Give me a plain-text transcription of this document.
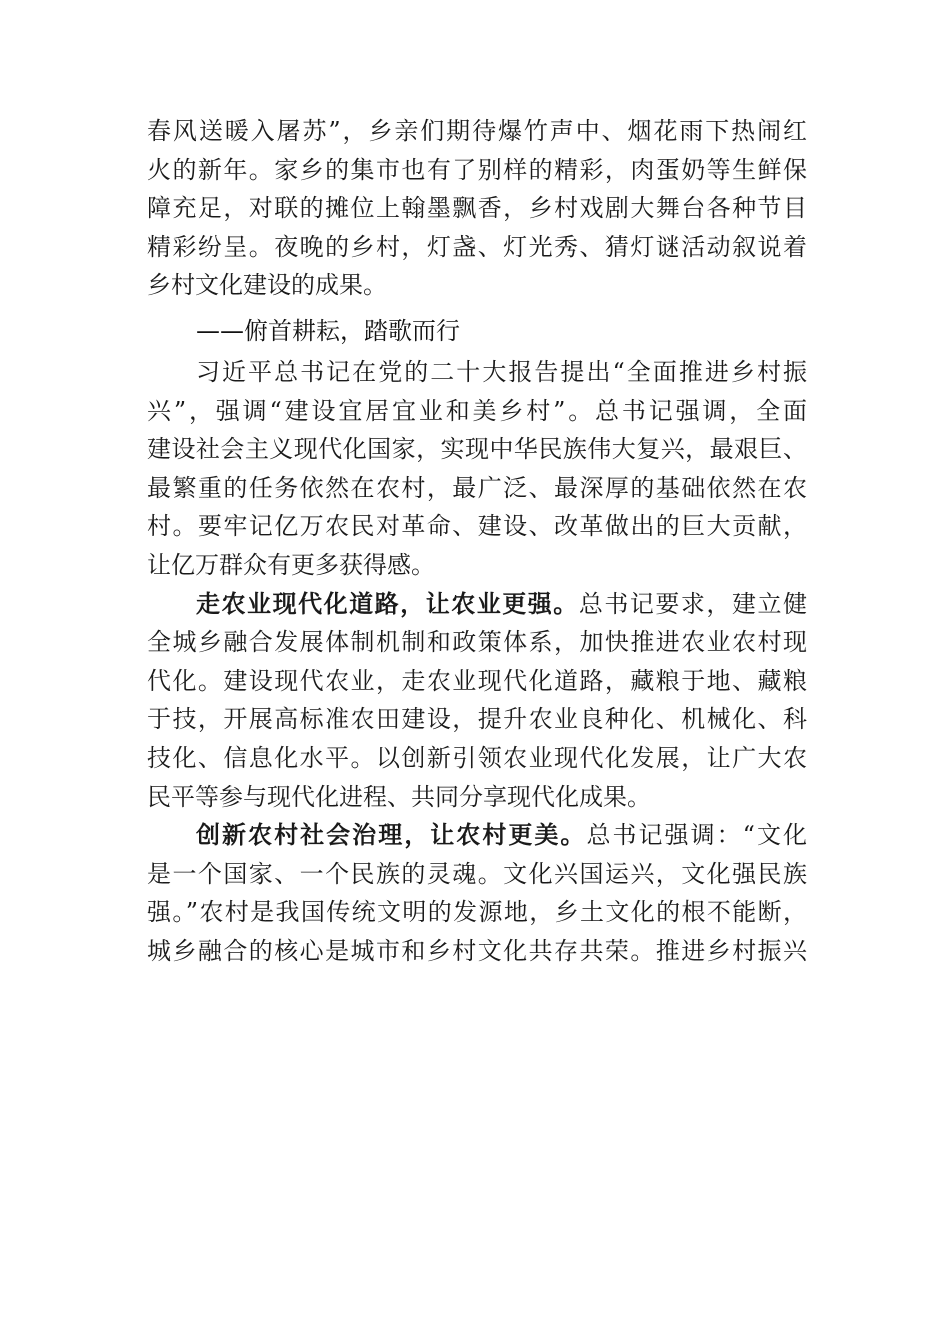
春风送暖入屠苏”，乡亲们期待爆竹声中、烟花雨下热闹红
火的新年。家乡的集市也有了别样的精彩，肉蛋奶等生鲜保
障充足，对联的摊位上翰墨飘香，乡村戏剧大舞台各种节目
精彩纷呈。夜晚的乡村，灯盏、灯光秀、猜灯谜活动叙说着
乡村文化建设的成果。
——俯首耕耘，踏歌而行
习近平总书记在党的二十大报告提出“全面推进乡村振
兴”，强调“建设宜居宜业和美乡村”。总书记强调，全面
建设社会主义现代化国家，实现中华民族伟大复兴，最艰巨、
最繁重的任务依然在农村，最广泛、最深厚的基础依然在农
村。要牢记亿万农民对革命、建设、改革做出的巨大贡献，
让亿万群众有更多获得感。
走农业现代化道路，让农业更强。总书记要求，建立健
全城乡融合发展体制机制和政策体系，加快推进农业农村现
代化。建设现代农业，走农业现代化道路，藏粮于地、藏粮
于技，开展高标准农田建设，提升农业良种化、机械化、科
技化、信息化水平。以创新引领农业现代化发展，让广大农
民平等参与现代化进程、共同分享现代化成果。
创新农村社会治理，让农村更美。总书记强调：“文化
是一个国家、一个民族的灵魂。文化兴国运兴，文化强民族
强。”农村是我国传统文明的发源地，乡土文化的根不能断，
城乡融合的核心是城市和乡村文化共存共荣。推进乡村振兴
